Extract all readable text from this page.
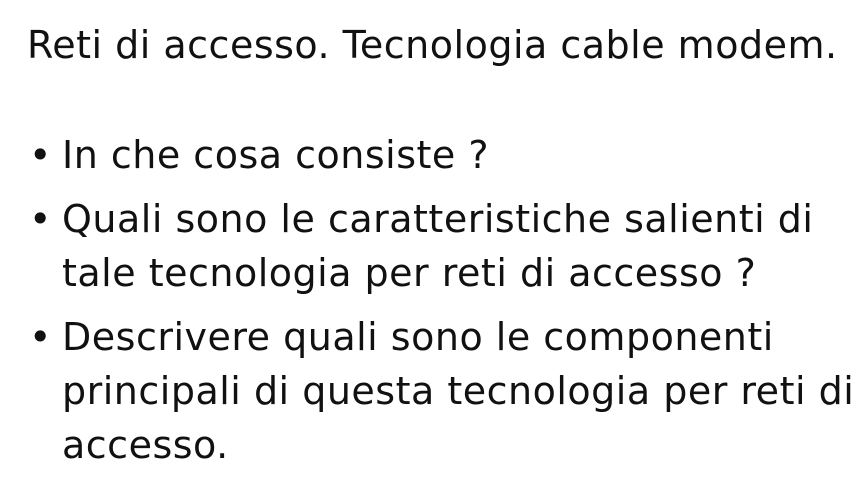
Reti di accesso. Tecnologia cable modem.
• In che cosa consiste ?
• Quali sono le caratteristiche salienti di tale tecnologia per reti di accesso ?
• Descrivere quali sono le componenti principali di questa tecnologia per reti di accesso.
